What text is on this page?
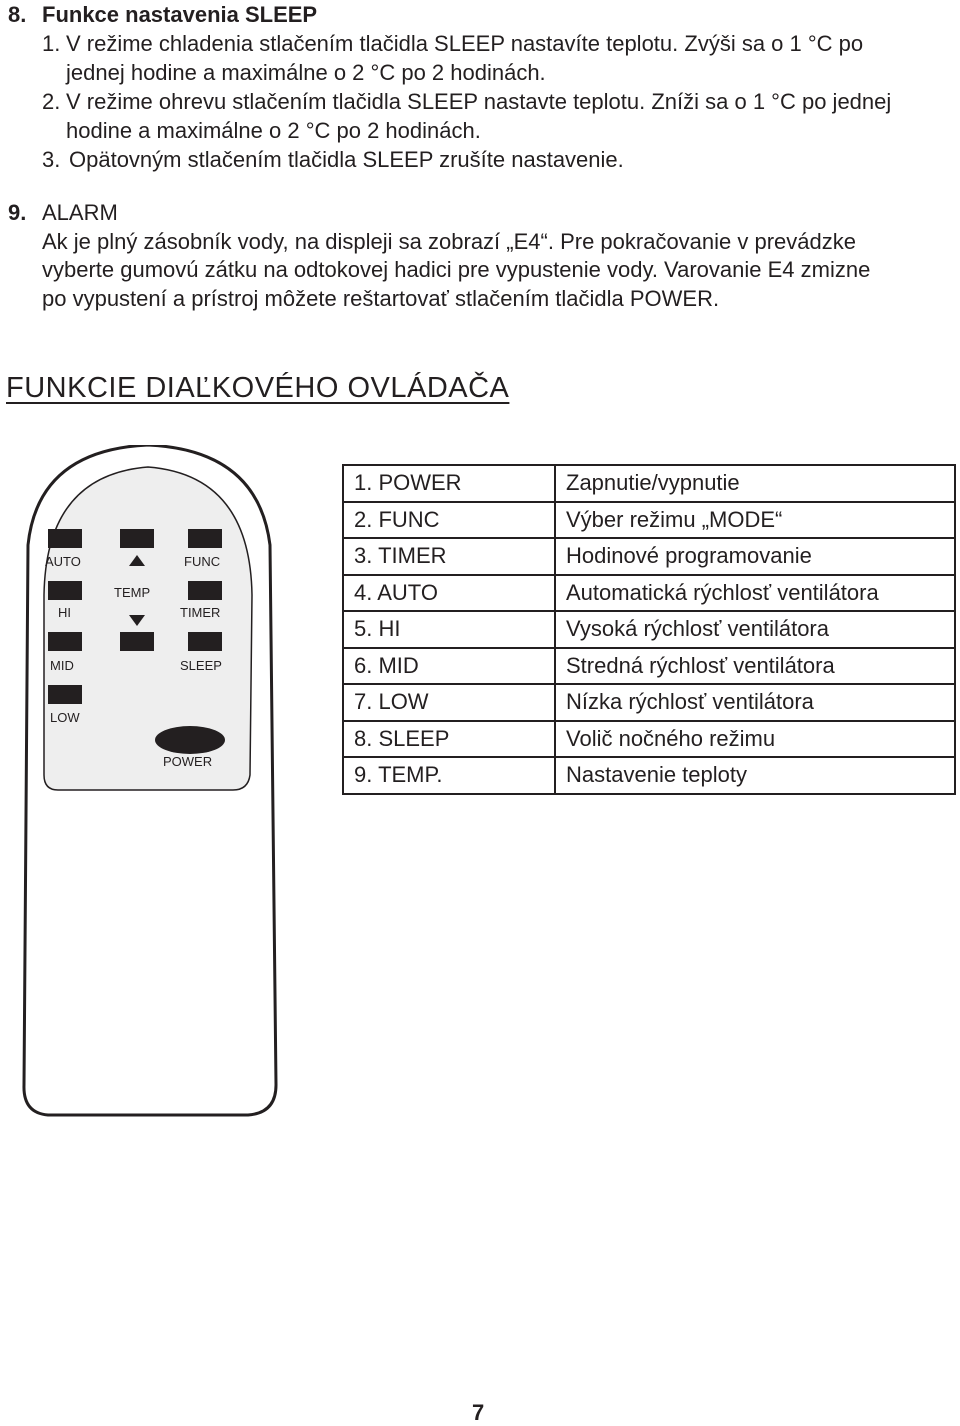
8. Funkce nastavenia SLEEP
1. V režime chladenia stlačením tlačidla SLEEP nastavíte teplotu. Zvýši sa o 1 °C po
jednej hodine a maximálne o 2 °C po 2 hodinách.
2. V režime ohrevu stlačením tlačidla SLEEP nastavte teplotu. Zníži sa o 1 °C po jednej
hodine a maximálne o 2 °C po 2 hodinách.
3. Opätovným stlačením tlačidla SLEEP zrušíte nastavenie.
9. ALARM
Ak je plný zásobník vody, na displeji sa zobrazí „E4“. Pre pokračovanie v prevádzke
vyberte gumovú zátku na odtokovej hadici pre vypustenie vody. Varovanie E4 zmizne
po vypustení a prístroj môžete reštartovať stlačením tlačidla POWER.
FUNKCIE DIAĽKOVÉHO OVLÁDAČA
AUTO	FUNC
TEMP
HI	TIMER
MID	SLEEP
LOW
POWER
1. POWER	Zapnutie/vypnutie
2. FUNC	Výber režimu „MODE“
3. TIMER	Hodinové programovanie
4. AUTO	Automatická rýchlosť ventilátora
5. HI	Vysoká rýchlosť ventilátora
6. MID	Stredná rýchlosť ventilátora
7. LOW	Nízka rýchlosť ventilátora
8. SLEEP	Volič nočného režimu
9. TEMP.	Nastavenie teploty
7
